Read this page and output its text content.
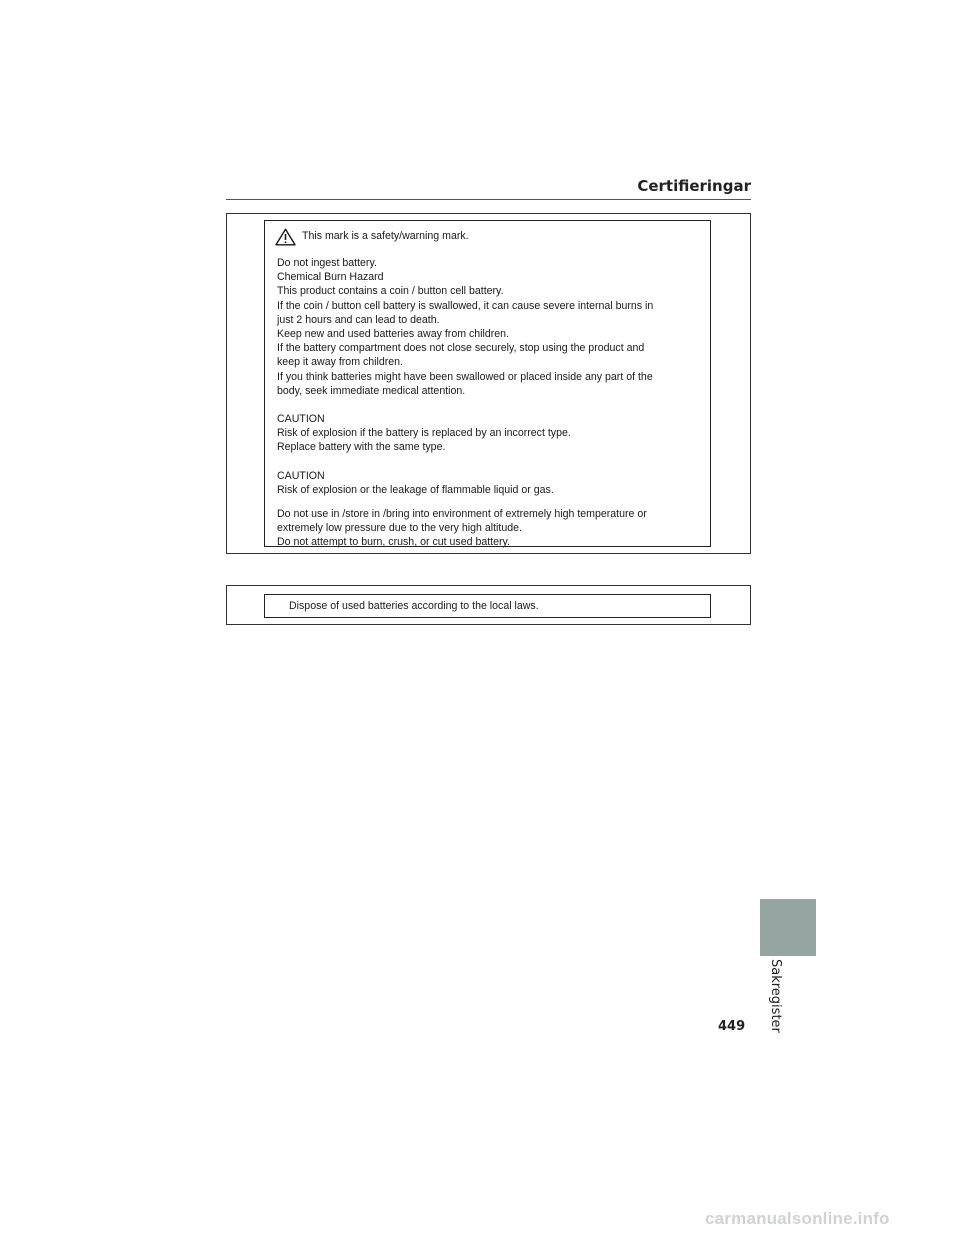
Certifieringar
This mark is a safety/warning mark.

Do not ingest battery.

Chemical Burn Hazard

This product contains a coin / button cell battery.

If the coin / button cell battery is swallowed, it can cause severe internal burns in

just 2 hours and can lead to death.

Keep new and used batteries away from children.

If the battery compartment does not close securely, stop using the product and

keep it away from children.

If you think batteries might have been swallowed or placed inside any part of the

body, seek immediate medical attention.

CAUTION

Risk of explosion if the battery is replaced by an incorrect type.

Replace battery with the same type.

CAUTION

Risk of explosion or the leakage of flammable liquid or gas.

Do not use in /store in /bring into environment of extremely high temperature or

extremely low pressure due to the very high altitude.

Do not attempt to burn, crush, or cut used battery.

Dispose of used batteries according to the local laws.
Sakregister
449
carmanualsonline.info
